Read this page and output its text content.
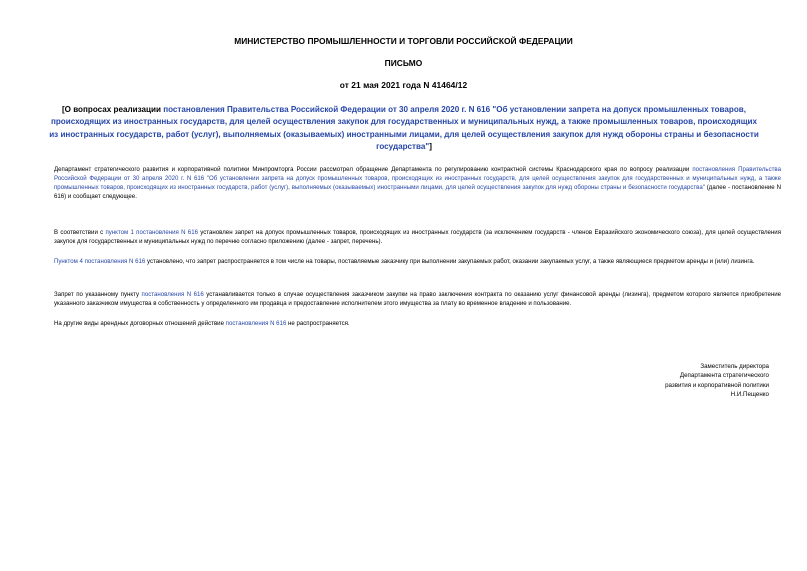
МИНИСТЕРСТВО ПРОМЫШЛЕННОСТИ И ТОРГОВЛИ РОССИЙСКОЙ ФЕДЕРАЦИИ
ПИСЬМО
от 21 мая 2021 года N 41464/12
[О вопросах реализации постановления Правительства Российской Федерации от 30 апреля 2020 г. N 616 "Об установлении запрета на допуск промышленных товаров, происходящих из иностранных государств, для целей осуществления закупок для государственных и муниципальных нужд, а также промышленных товаров, происходящих из иностранных государств, работ (услуг), выполняемых (оказываемых) иностранными лицами, для целей осуществления закупок для нужд обороны страны и безопасности государства"]

Департамент стратегического развития и корпоративной политики Минпромторга России рассмотрел обращение Департамента по регулированию контрактной системы Краснодарского края по вопросу реализации постановления Правительства Российской Федерации от 30 апреля 2020 г. N 616 "Об установлении запрета на допуск промышленных товаров, происходящих из иностранных государств, для целей осуществления закупок для государственных и муниципальных нужд, а также промышленных товаров, происходящих из иностранных государств, работ (услуг), выполняемых (оказываемых) иностранными лицами, для целей осуществления закупок для нужд обороны страны и безопасности государства" (далее - постановление N 616) и сообщает следующее.

В соответствии с пунктом 1 постановления N 616 установлен запрет на допуск промышленных товаров, происходящих из иностранных государств (за исключением государств - членов Евразийского экономического союза), для целей осуществления закупок для государственных и муниципальных нужд по перечню согласно приложению (далее - запрет, перечень).

Пунктом 4 постановления N 616 установлено, что запрет распространяется в том числе на товары, поставляемые заказчику при выполнении закупаемых работ, оказании закупаемых услуг, а также являющиеся предметом аренды и (или) лизинга.

Запрет по указанному пункту постановления N 616 устанавливается только в случае осуществления заказчиком закупки на право заключения контракта по оказанию услуг финансовой аренды (лизинга), предметом которого является приобретение указанного заказчиком имущества в собственность у определенного им продавца и предоставление исполнителем этого имущества за плату во временное владение и пользование.

На другие виды арендных договорных отношений действие постановления N 616 не распространяется.

Заместитель директора
Департамента стратегического
развития и корпоративной политики
Н.И.Пещенко
